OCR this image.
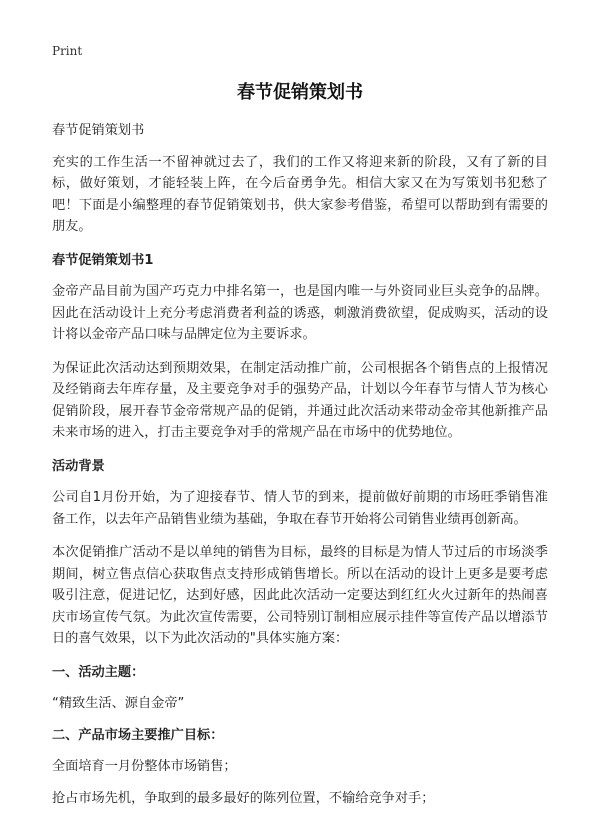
Print
春节促销策划书

春节促销策划书

充实的工作生活一不留神就过去了，我们的工作又将迎来新的阶段，又有了新的目标，做好策划，才能轻装上阵，在今后奋勇争先。相信大家又在为写策划书犯愁了吧！下面是小编整理的春节促销策划书，供大家参考借鉴，希望可以帮助到有需要的朋友。

春节促销策划书1

金帝产品目前为国产巧克力中排名第一，也是国内唯一与外资同业巨头竞争的品牌。因此在活动设计上充分考虑消费者利益的诱惑，刺激消费欲望，促成购买，活动的设计将以金帝产品口味与品牌定位为主要诉求。

为保证此次活动达到预期效果，在制定活动推广前，公司根据各个销售点的上报情况及经销商去年库存量，及主要竞争对手的强势产品，计划以今年春节与情人节为核心促销阶段，展开春节金帝常规产品的促销，并通过此次活动来带动金帝其他新推产品未来市场的进入，打击主要竞争对手的常规产品在市场中的优势地位。

活动背景

公司自1月份开始，为了迎接春节、情人节的到来，提前做好前期的市场旺季销售准备工作，以去年产品销售业绩为基础，争取在春节开始将公司销售业绩再创新高。

本次促销推广活动不是以单纯的销售为目标，最终的目标是为情人节过后的市场淡季期间，树立售点信心获取售点支持形成销售增长。所以在活动的设计上更多是要考虑吸引注意，促进记忆，达到好感，因此此次活动一定要达到红红火火过新年的热闹喜庆市场宣传气氛。为此次宣传需要，公司特别订制相应展示挂件等宣传产品以增添节日的喜气效果，以下为此次活动的"具体实施方案：

一、活动主题：

“精致生活、源自金帝”

二、产品市场主要推广目标：

全面培育一月份整体市场销售；

抢占市场先机，争取到的最多最好的陈列位置，不输给竞争对手；
